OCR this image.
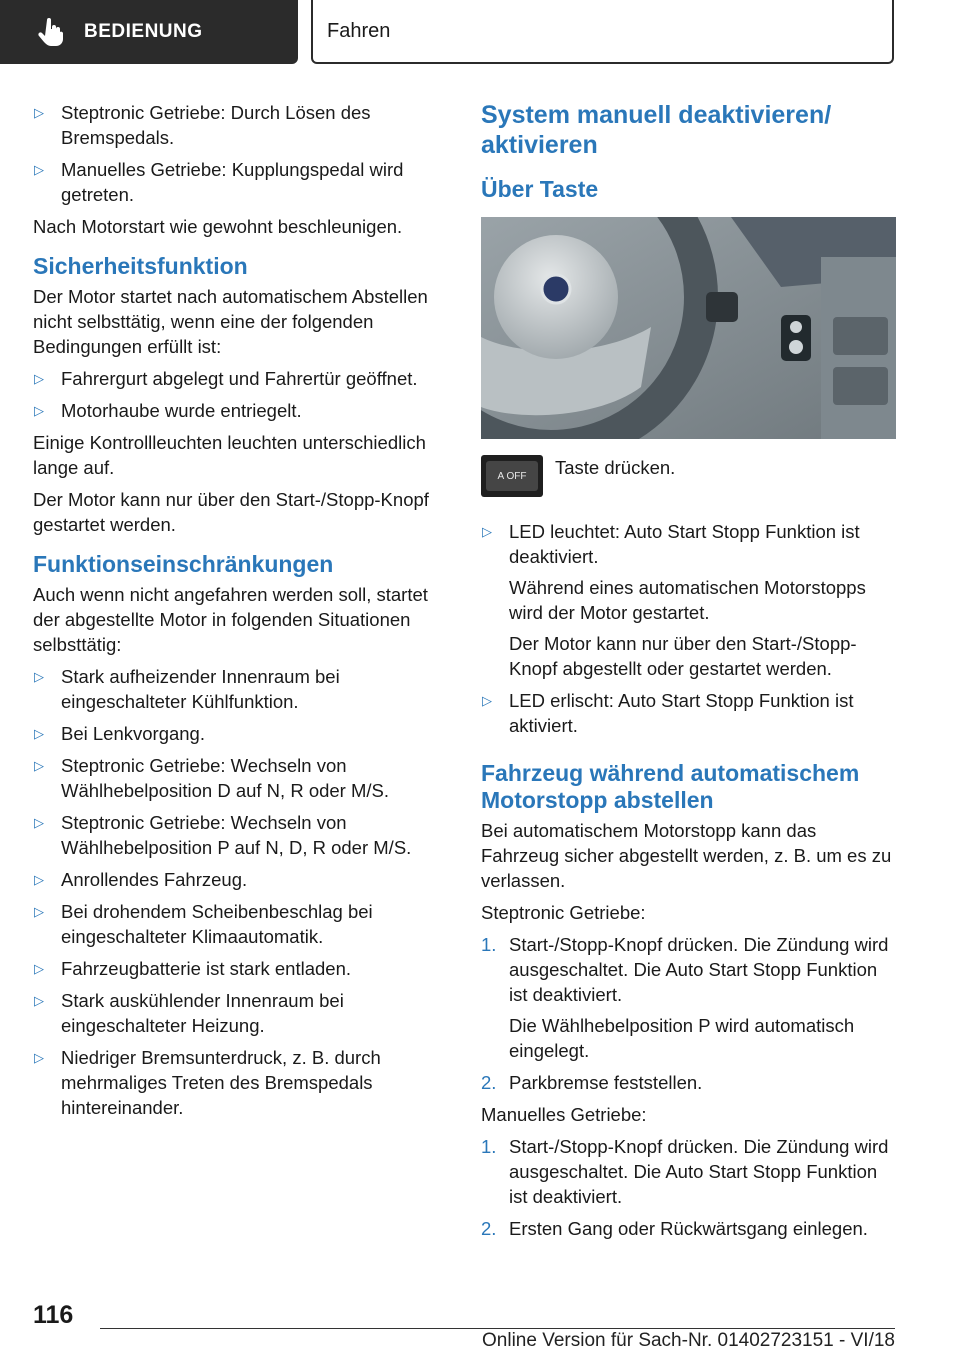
BEDIENUNG	Fahren
▷ Steptronic Getriebe: Durch Lösen des Bremspedals.
▷ Manuelles Getriebe: Kupplungspedal wird getreten.

Nach Motorstart wie gewohnt beschleunigen.

Sicherheitsfunktion

Der Motor startet nach automatischem Abstellen nicht selbsttätig, wenn eine der folgenden Bedingungen erfüllt ist:

▷ Fahrergurt abgelegt und Fahrertür geöffnet.
▷ Motorhaube wurde entriegelt.

Einige Kontrollleuchten leuchten unterschiedlich lange auf.

Der Motor kann nur über den Start-/Stopp-Knopf gestartet werden.

Funktionseinschränkungen

Auch wenn nicht angefahren werden soll, startet der abgestellte Motor in folgenden Situationen selbsttätig:

▷ Stark aufheizender Innenraum bei eingeschalteter Kühlfunktion.
▷ Bei Lenkvorgang.
▷ Steptronic Getriebe: Wechseln von Wählhebelposition D auf N, R oder M/S.
▷ Steptronic Getriebe: Wechseln von Wählhebelposition P auf N, D, R oder M/S.
▷ Anrollendes Fahrzeug.
▷ Bei drohendem Scheibenbeschlag bei eingeschalteter Klimaautomatik.
▷ Fahrzeugbatterie ist stark entladen.
▷ Stark auskühlender Innenraum bei eingeschalteter Heizung.
▷ Niedriger Bremsunterdruck, z. B. durch mehrmaliges Treten des Bremspedals hintereinander.
System manuell deaktivieren/ aktivieren
Über Taste
A OFF	Taste drücken.
▷ LED leuchtet: Auto Start Stopp Funktion ist deaktiviert.

Während eines automatischen Motorstopps wird der Motor gestartet.

Der Motor kann nur über den Start-/Stopp-Knopf abgestellt oder gestartet werden.

▷ LED erlischt: Auto Start Stopp Funktion ist aktiviert.
Fahrzeug während automatischem Motorstopp abstellen

Bei automatischem Motorstopp kann das Fahrzeug sicher abgestellt werden, z. B. um es zu verlassen.

Steptronic Getriebe:

1. Start-/Stopp-Knopf drücken. Die Zündung wird ausgeschaltet. Die Auto Start Stopp Funktion ist deaktiviert.

Die Wählhebelposition P wird automatisch eingelegt.

2. Parkbremse feststellen.

Manuelles Getriebe:

1. Start-/Stopp-Knopf drücken. Die Zündung wird ausgeschaltet. Die Auto Start Stopp Funktion ist deaktiviert.
2. Ersten Gang oder Rückwärtsgang einlegen.
116
Online Version für Sach-Nr. 01402723151 - VI/18
